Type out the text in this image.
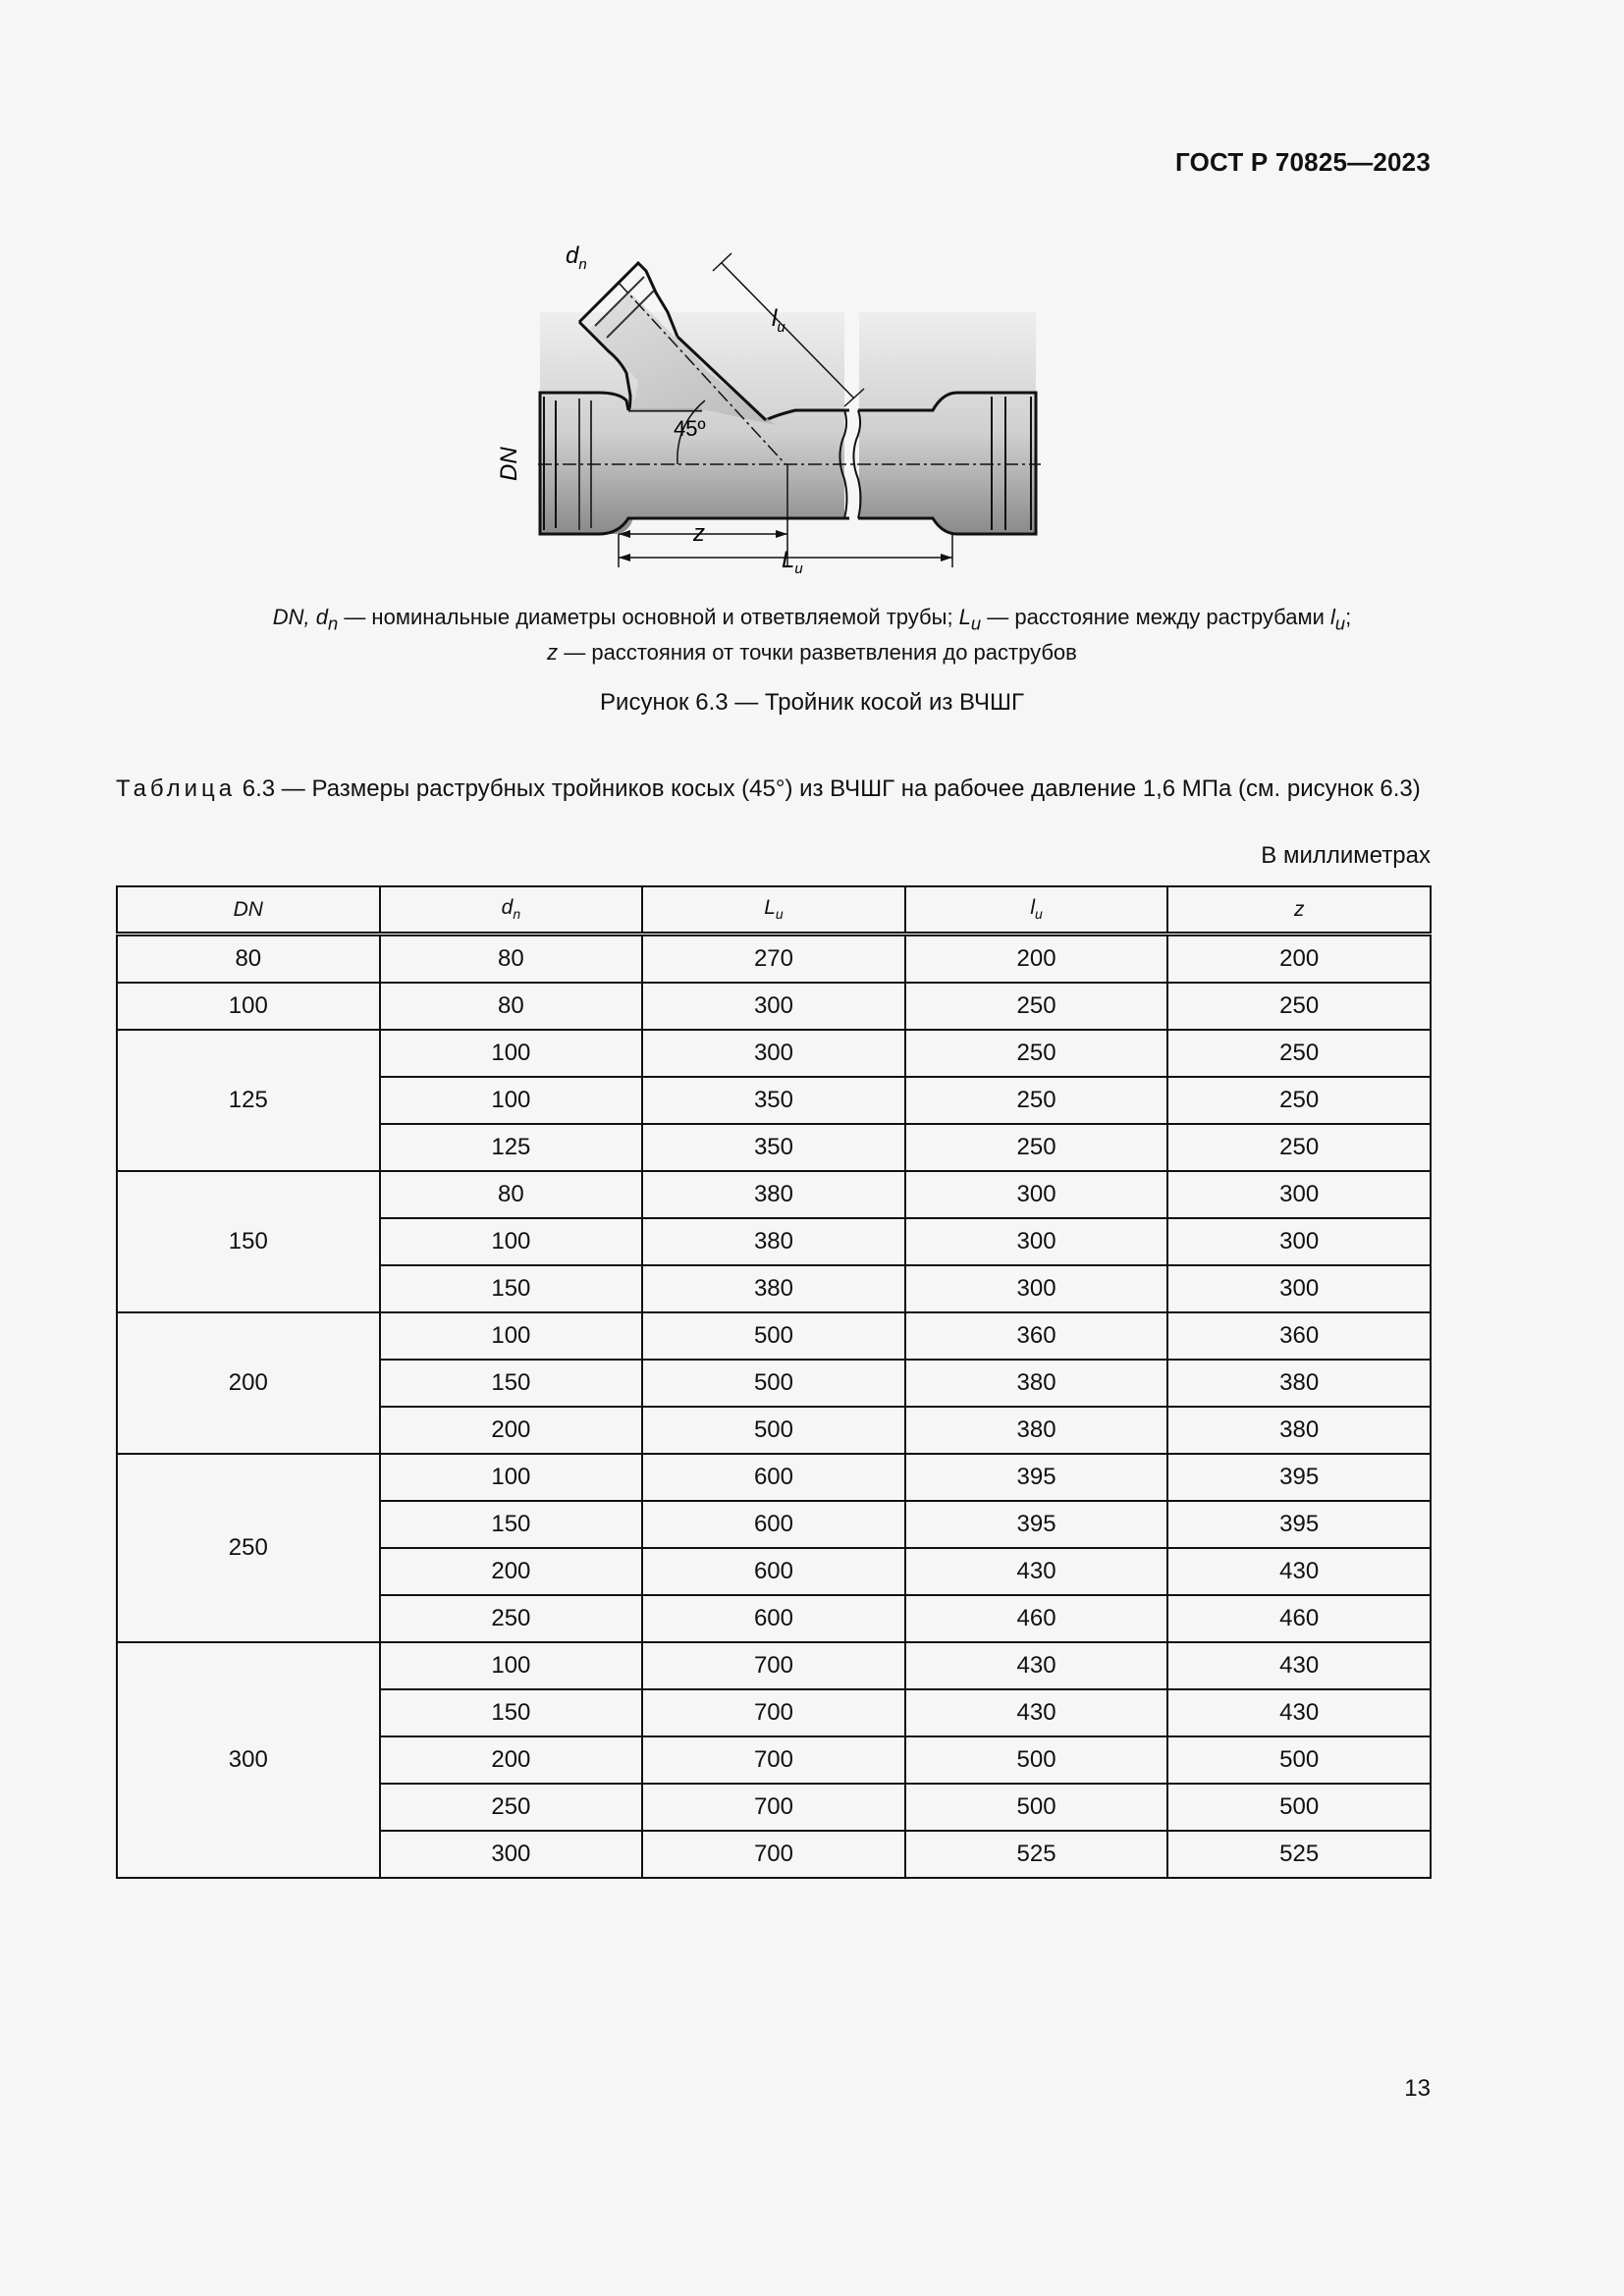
ГОСТ Р 70825—2023
$d_n$
$l_u$
45º
DN
z
$L_u$
DN, $d_n$ — номинальные диаметры основной и ответвляемой трубы; $L_u$ — расстояние между раструбами $l_u$;
z — расстояния от точки разветвления до раструбов
Рисунок 6.3 — Тройник косой из ВЧШГ
Таблица 6.3 — Размеры раструбных тройников косых (45°) из ВЧШГ на рабочее давление 1,6 МПа (см. рисунок 6.3)
В миллиметрах
DN	$d_n$	$L_u$	$l_u$	z
80	80	270	200	200
100	80	300	250	250
125	100	300	250	250
	100	350	250	250
	125	350	250	250
150	80	380	300	300
	100	380	300	300
	150	380	300	300
200	100	500	360	360
	150	500	380	380
	200	500	380	380
250	100	600	395	395
	150	600	395	395
	200	600	430	430
	250	600	460	460
300	100	700	430	430
	150	700	430	430
	200	700	500	500
	250	700	500	500
	300	700	525	525
13
